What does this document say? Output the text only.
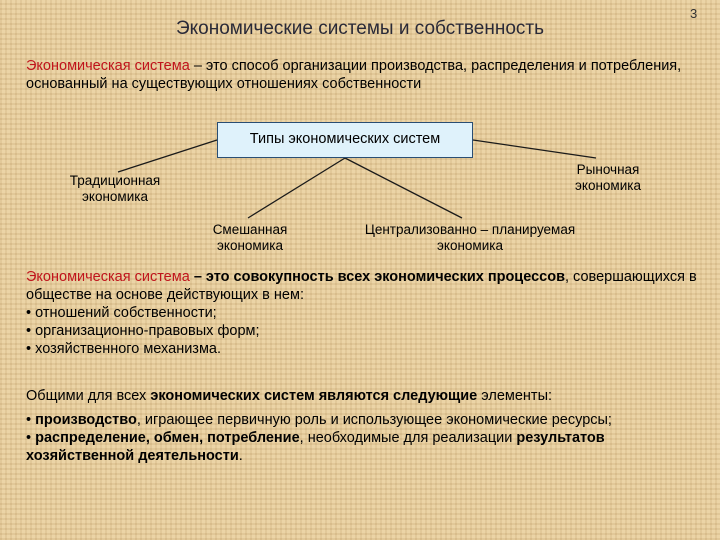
3
Экономические системы и собственность
Экономическая система – это способ организации производства, распределения и потребления, основанный на существующих отношениях собственности
Типы экономических систем
Традиционная
экономика
Рыночная
экономика
Смешанная
экономика
Централизованно – планируемая
экономика
Экономическая система – это совокупность всех экономических процессов, совершающихся в обществе на основе действующих в нем:
• отношений собственности;
• организационно-правовых форм;
• хозяйственного механизма.
Общими для всех экономических систем являются следующие элементы:
• производство, играющее первичную роль и использующее экономические ресурсы;
• распределение, обмен, потребление, необходимые для реализации результатов хозяйственной деятельности.
